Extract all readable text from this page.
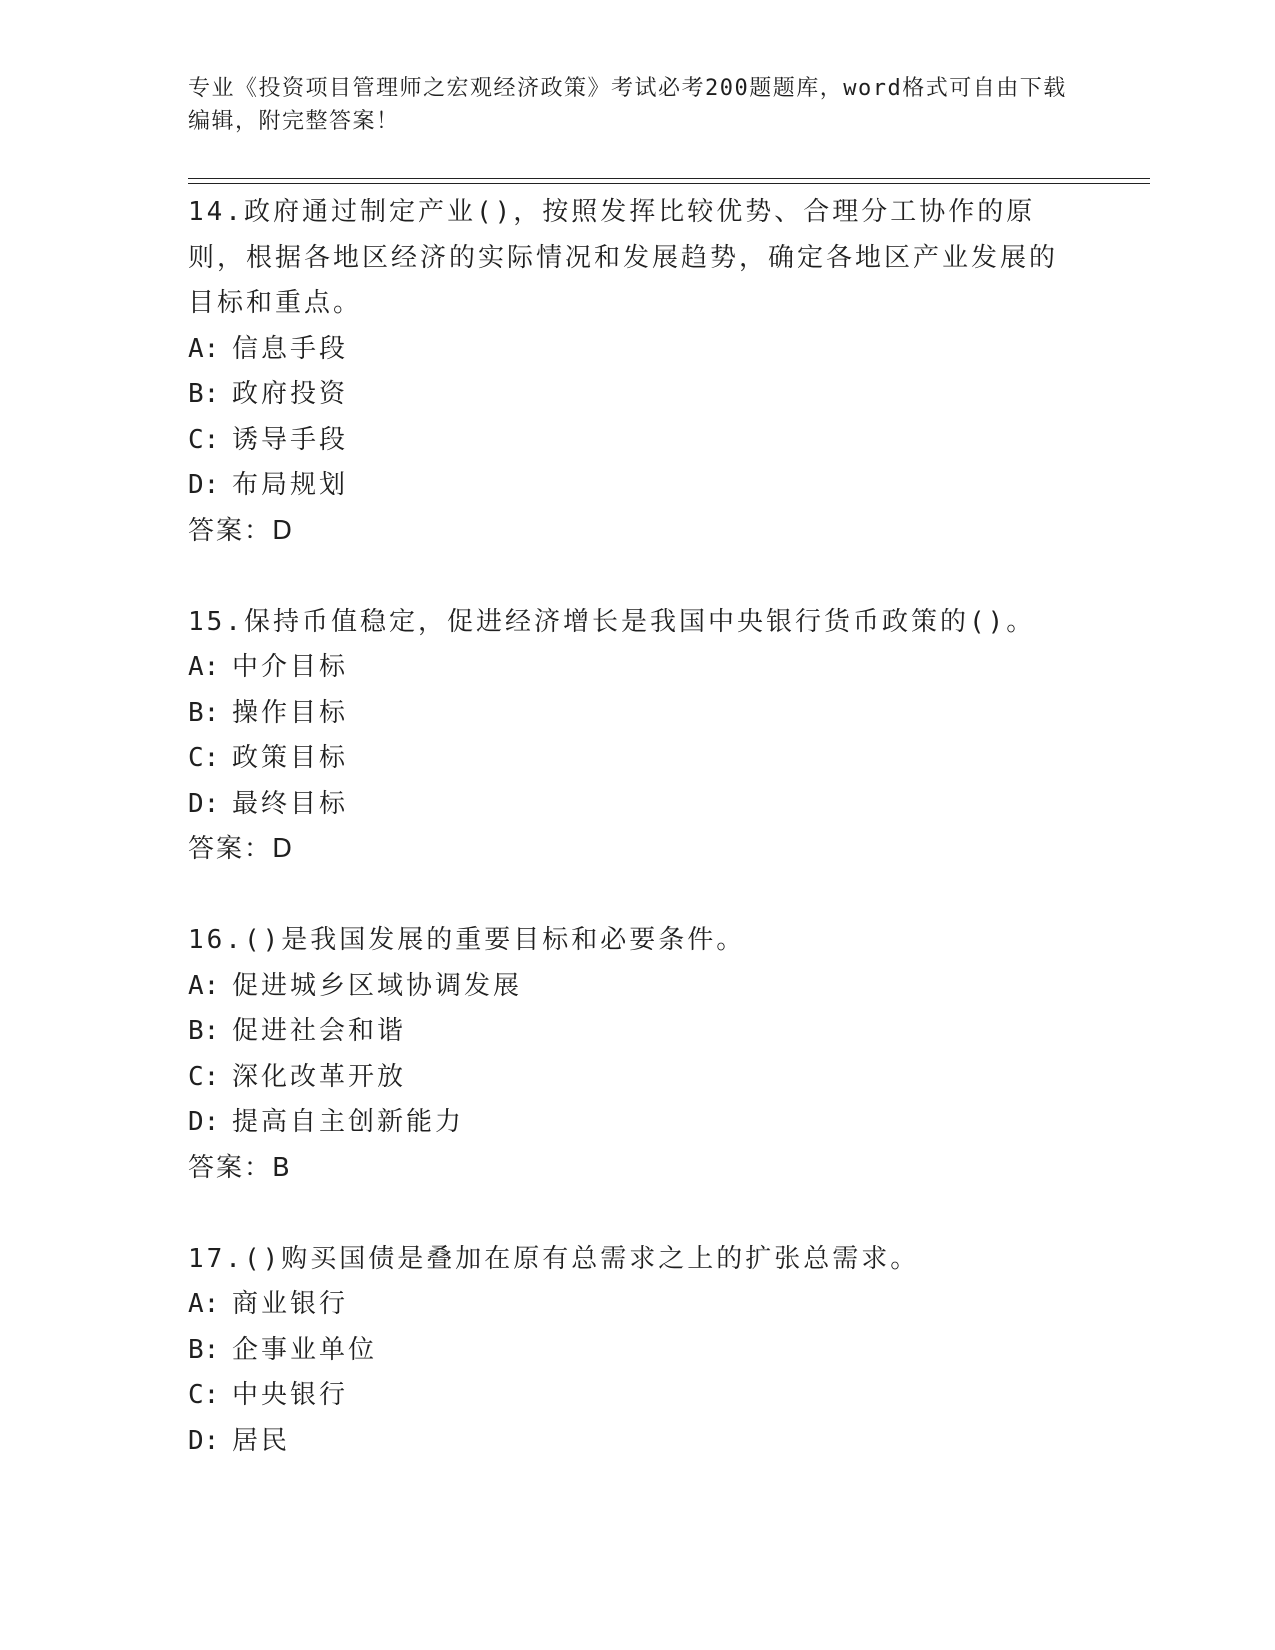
专业《投资项目管理师之宏观经济政策》考试必考200题题库，word格式可自由下载编辑，附完整答案！

14.政府通过制定产业()，按照发挥比较优势、合理分工协作的原则，根据各地区经济的实际情况和发展趋势，确定各地区产业发展的目标和重点。

A: 信息手段
B: 政府投资
C: 诱导手段
D: 布局规划

答案：D

15.保持币值稳定，促进经济增长是我国中央银行货币政策的()。

A: 中介目标
B: 操作目标
C: 政策目标
D: 最终目标

答案：D

16.()是我国发展的重要目标和必要条件。

A: 促进城乡区域协调发展
B: 促进社会和谐
C: 深化改革开放
D: 提高自主创新能力

答案：B

17.()购买国债是叠加在原有总需求之上的扩张总需求。

A: 商业银行
B: 企事业单位
C: 中央银行
D: 居民
